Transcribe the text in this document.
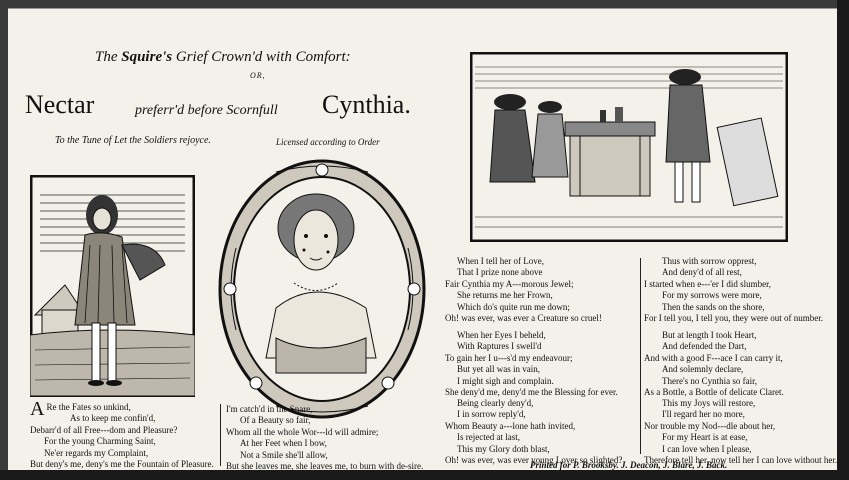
The Squire's Grief Crown'd with Comfort:
OR,
Nectar	preferr'd before Scornfull Cynthia.
To the Tune of Let the Soldiers rejoyce.	Licensed according to Order
A Re the Fates so unkind,
As to keep me confin'd,
Debarr'd of all Free---dom and Pleasure?
For the young Charming Saint,
Ne'er regards my Complaint,
But deny's me, deny's me the Fountain of Pleasure.
I'm catch'd in the Snare,
Of a Beauty so fair,
Whom all the whole Wor---ld will admire;
At her Feet when I bow,
Not a Smile she'll allow,
But she leaves me, she leaves me, to burn with de-sire.
When I tell her of Love,
That I prize none above
Fair Cynthia my A---morous Jewel;
She returns me her Frown,
Which do's quite run me down;
Oh! was ever, was ever a Creature so cruel!
When her Eyes I beheld,
With Raptures I swell'd
To gain her I u---s'd my endeavour;
But yet all was in vain,
I might sigh and complain.
She deny'd me, deny'd me the Blessing for ever.
Being clearly deny'd,
I in sorrow reply'd,
Whom Beauty a---lone hath invited,
Is rejected at last,
This my Glory doth blast,
Oh! was ever, was ever young Lover so slighted?
Thus with sorrow opprest,
And deny'd of all rest,
I started when e---'er I did slumber,
For my sorrows were more,
Then the sands on the shore,
For I tell you, I tell you, they were out of number.
But at length I took Heart,
And defended the Dart,
And with a good F---ace I can carry it,
And solemnly declare,
There's no Cynthia so fair,
As a Bottle, a Bottle of delicate Claret.
This my Joys will restore,
I'll regard her no more,
Nor trouble my Nod---dle about her,
For my Heart is at ease,
I can love when I please,
Therefore tell her, now tell her I can love without her.
Printed for P. Brooksby. J. Deacon, J. Blare, J. Back.
